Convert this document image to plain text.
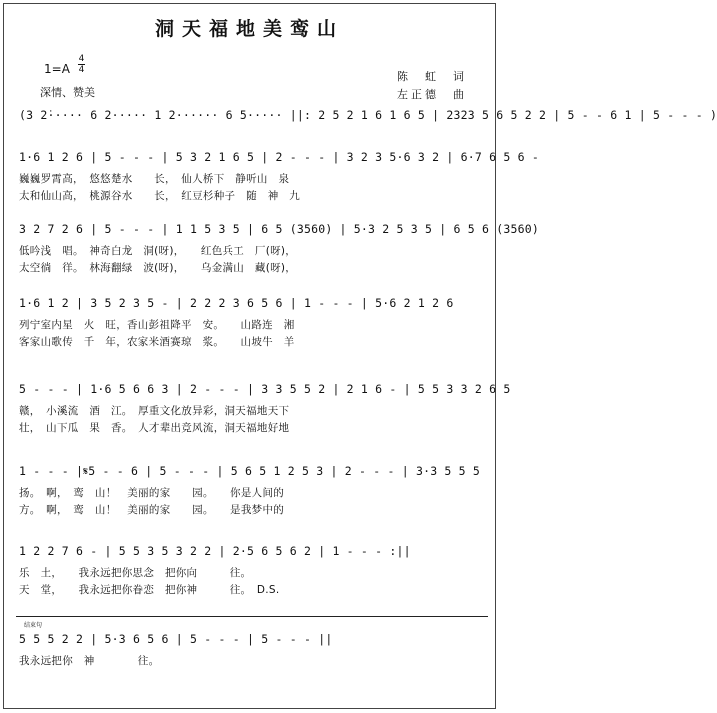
洞天福地美鸾山
1=A
4
4
深情、赞美
陈　虹　词
左正德　曲
(3 2̇····· 6 2····· 1 2······ 6 5····· ||: 2 5 2 1 6 1 6 5 | 2323 5 6 5 2 2 | 5 - - 6 1 | 5 - - - )
1·6 1 2 6 | 5 - - - | 5 3 2 1 6 5 | 2 - - - | 3 2 3 5·6 3 2 | 6·7 6 5 6 -
巍巍罗霄高，　悠悠楚水　　长，　仙人桥下　静听山　泉
太和仙山高，　桃源谷水　　长，　红豆杉种子　随　神　九
3 2 7 2 6 | 5 - - - | 1 1 5 3 5 | 6 5 (3560) | 5·3 2 5 3 5 | 6 5 6 (3560)
低吟浅　唱。　神奇白龙　洞(呀)，　　红色兵工　厂(呀)，
太空徜　徉。　林海翻绿　波(呀)，　　乌金满山　藏(呀)，
1·6 1 2 | 3 5 2 3 5 - | 2 2 2 3 6 5 6 | 1 - - - | 5·6 2 1 2 6
列宁室内星　火　旺，香山彭祖降平　安。　　山路连　湘
客家山歌传　千　年，农家米酒赛琼　浆。　　山坡牛　羊
5 - - - | 1·6 5 6 6 3 | 2 - - - | 3 3 5 5 2 | 2 1 6 - | 5 5 3 3 2 6 5
赣，　小溪流　酒　江。　厚重文化放异彩，洞天福地天下
壮，　山下瓜　果　香。　人才辈出竞风流，洞天福地好地
1 - - - |𝄋5 - - 6 | 5 - - - | 5 6 5 1 2 5 3 | 2 - - - | 3·3 5 5 5
扬。　啊，　鸾　山！　美丽的家　　园。　　你是人间的
方。　啊，　鸾　山！　美丽的家　　园。　　是我梦中的
1 2 2 7 6 - | 5 5 3 5 3 2 2 | 2·5 6 5 6 2 | 1 - - - :||
乐　土，　　我永远把你思念　把你向　　　往。
天　堂，　　我永远把你眷恋　把你神　　　往。　D.S.
结束句
5 5 5 2 2 | 5·3 6 5 6 | 5 - - - | 5 - - - ||
我永远把你　神　　　　往。
